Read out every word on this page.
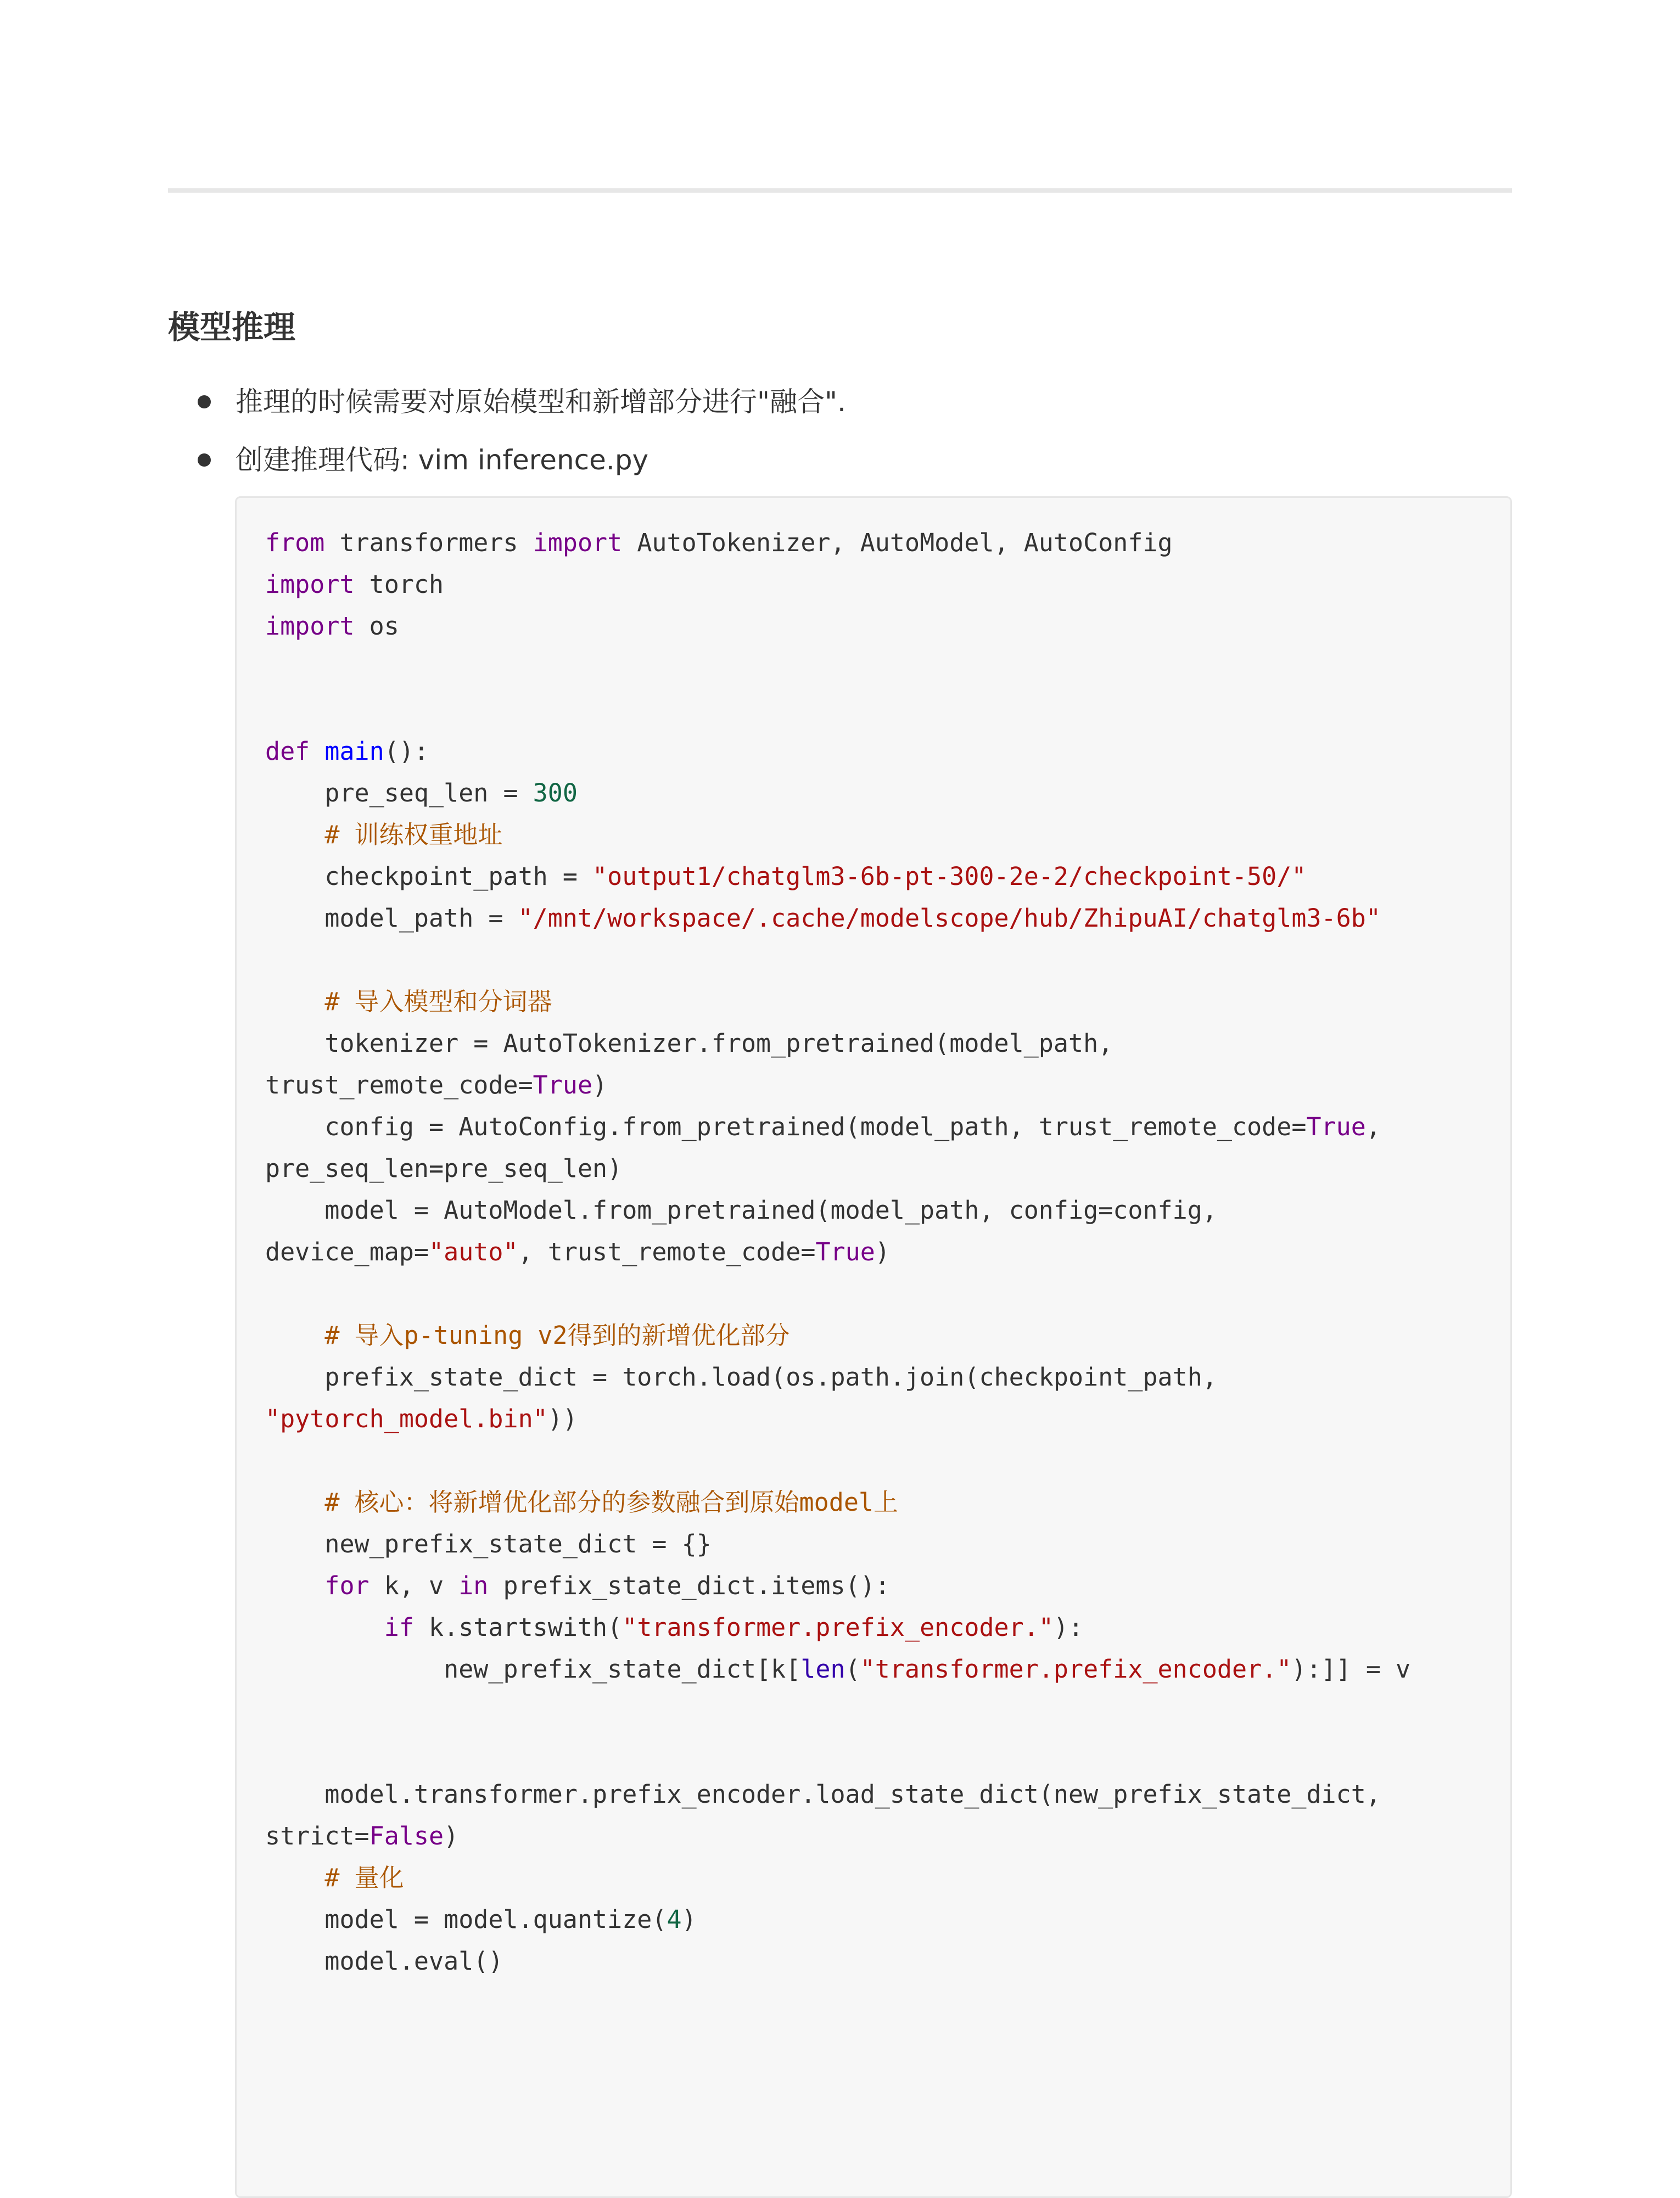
模型推理
推理的时候需要对原始模型和新增部分进行"融合".
创建推理代码: vim inference.py
from transformers import AutoTokenizer, AutoModel, AutoConfig
import torch
import os

def main():
pre_seq_len = 300
# 训练权重地址
checkpoint_path = "output1/chatglm3-6b-pt-300-2e-2/checkpoint-50/"
model_path = "/mnt/workspace/.cache/modelscope/hub/ZhipuAI/chatglm3-6b"

# 导入模型和分词器
tokenizer = AutoTokenizer.from_pretrained(model_path,
trust_remote_code=True)
config = AutoConfig.from_pretrained(model_path, trust_remote_code=True,
pre_seq_len=pre_seq_len)
model = AutoModel.from_pretrained(model_path, config=config,
device_map="auto", trust_remote_code=True)

# 导入p-tuning v2得到的新增优化部分
prefix_state_dict = torch.load(os.path.join(checkpoint_path,
"pytorch_model.bin"))

# 核心：将新增优化部分的参数融合到原始model上
new_prefix_state_dict = {}
for k, v in prefix_state_dict.items():
if k.startswith("transformer.prefix_encoder."):
new_prefix_state_dict[k[len("transformer.prefix_encoder."):]] = v

model.transformer.prefix_encoder.load_state_dict(new_prefix_state_dict,
strict=False)
# 量化
model = model.quantize(4)
model.eval()
